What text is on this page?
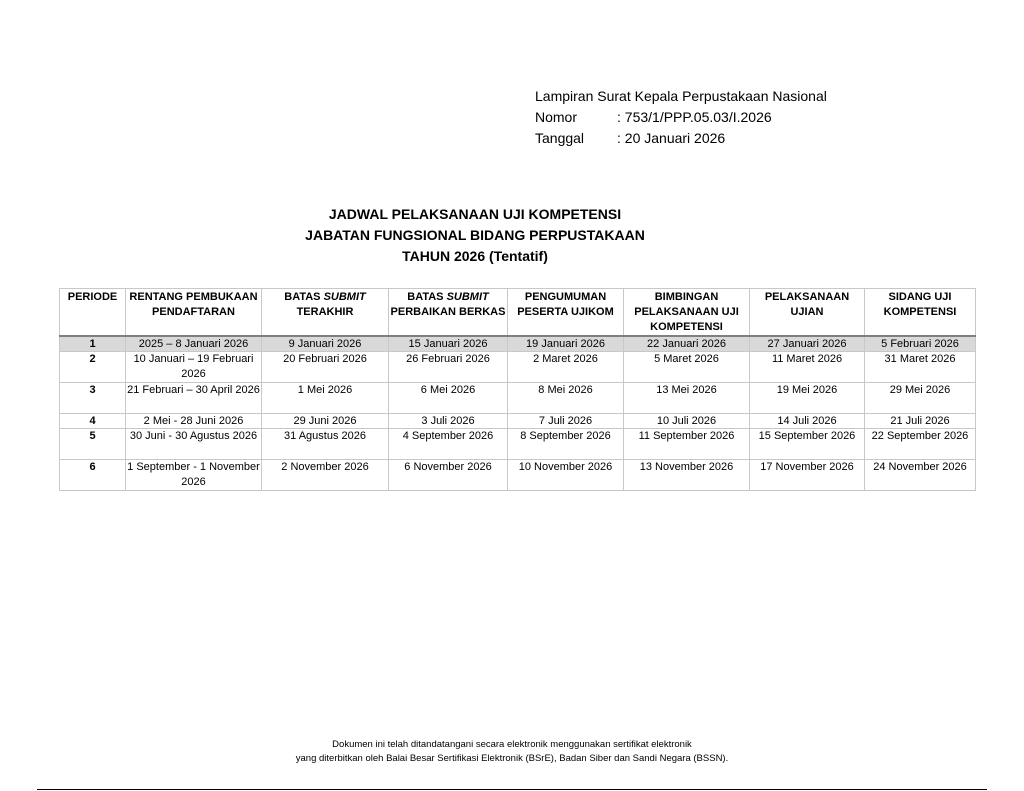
Lampiran Surat Kepala Perpustakaan Nasional
Nomor	: 753/1/PPP.05.03/I.2026
Tanggal	: 20 Januari 2026
JADWAL PELAKSANAAN UJI KOMPETENSI
JABATAN FUNGSIONAL BIDANG PERPUSTAKAAN
TAHUN 2026 (Tentatif)
PERIODE	RENTANG PEMBUKAAN PENDAFTARAN	BATAS SUBMIT TERAKHIR	BATAS SUBMIT PERBAIKAN BERKAS	PENGUMUMAN PESERTA UJIKOM	BIMBINGAN PELAKSANAAN UJI KOMPETENSI	PELAKSANAAN UJIAN	SIDANG UJI KOMPETENSI
1	2025 – 8 Januari 2026	9 Januari 2026	15 Januari 2026	19 Januari 2026	22 Januari 2026	27 Januari 2026	5 Februari 2026
2	10 Januari – 19 Februari 2026	20 Februari 2026	26 Februari 2026	2 Maret 2026	5 Maret 2026	11 Maret 2026	31 Maret 2026
3	21 Februari – 30 April 2026	1 Mei 2026	6 Mei 2026	8 Mei 2026	13 Mei 2026	19 Mei 2026	29 Mei 2026
4	2 Mei - 28 Juni 2026	29 Juni 2026	3 Juli 2026	7 Juli 2026	10 Juli 2026	14 Juli 2026	21 Juli 2026
5	30 Juni - 30 Agustus 2026	31 Agustus 2026	4 September 2026	8 September 2026	11 September 2026	15 September 2026	22 September 2026
6	1 September - 1 November 2026	2 November 2026	6 November 2026	10 November 2026	13 November 2026	17 November 2026	24 November 2026
Dokumen ini telah ditandatangani secara elektronik menggunakan sertifikat elektronik
yang diterbitkan oleh Balai Besar Sertifikasi Elektronik (BSrE), Badan Siber dan Sandi Negara (BSSN).
